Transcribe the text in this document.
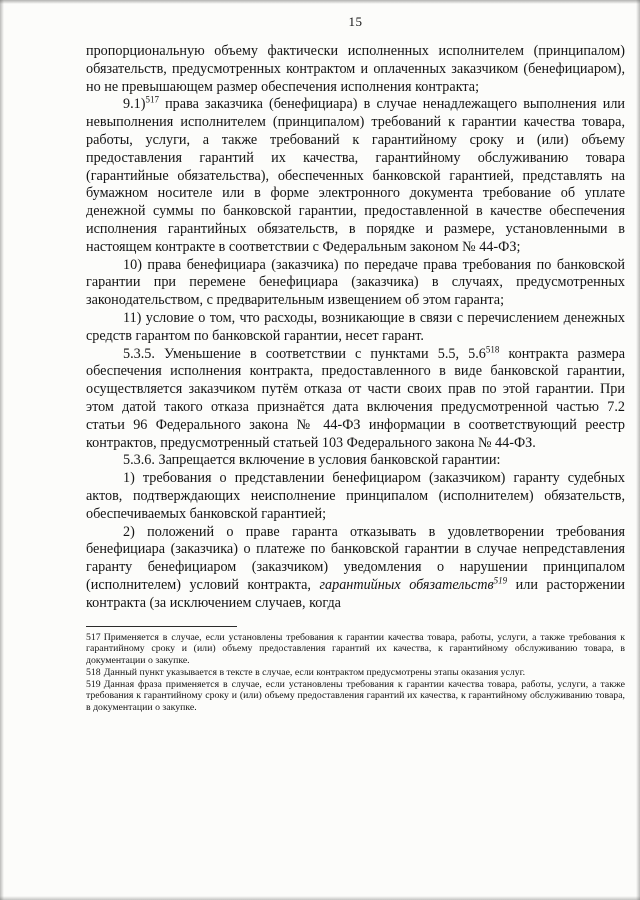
15

пропорциональную объему фактически исполненных исполнителем (принципалом) обязательств, предусмотренных контрактом и оплаченных заказчиком (бенефициаром), но не превышающем размер обеспечения исполнения контракта;

9.1)$^{517}$ права заказчика (бенефициара) в случае ненадлежащего выполнения или невыполнения исполнителем (принципалом) требований к гарантии качества товара, работы, услуги, а также требований к гарантийному сроку и (или) объему предоставления гарантий их качества, гарантийному обслуживанию товара (гарантийные обязательства), обеспеченных банковской гарантией, представлять на бумажном носителе или в форме электронного документа требование об уплате денежной суммы по банковской гарантии, предоставленной в качестве обеспечения исполнения гарантийных обязательств, в порядке и размере, установленными в настоящем контракте в соответствии с Федеральным законом № 44-ФЗ;

10) права бенефициара (заказчика) по передаче права требования по банковской гарантии при перемене бенефициара (заказчика) в случаях, предусмотренных законодательством, с предварительным извещением об этом гаранта;

11) условие о том, что расходы, возникающие в связи с перечислением денежных средств гарантом по банковской гарантии, несет гарант.

5.3.5. Уменьшение в соответствии с пунктами 5.5, 5.6$^{518}$ контракта размера обеспечения исполнения контракта, предоставленного в виде банковской гарантии, осуществляется заказчиком путём отказа от части своих прав по этой гарантии. При этом датой такого отказа признаётся дата включения предусмотренной частью 7.2 статьи 96 Федерального закона № 44-ФЗ информации в соответствующий реестр контрактов, предусмотренный статьей 103 Федерального закона № 44-ФЗ.

5.3.6. Запрещается включение в условия банковской гарантии:

1) требования о представлении бенефициаром (заказчиком) гаранту судебных актов, подтверждающих неисполнение принципалом (исполнителем) обязательств, обеспечиваемых банковской гарантией;

2) положений о праве гаранта отказывать в удовлетворении требования бенефициара (заказчика) о платеже по банковской гарантии в случае непредставления гаранту бенефициаром (заказчиком) уведомления о нарушении принципалом (исполнителем) условий контракта, гарантийных обязательств$^{519}$ или расторжении контракта (за исключением случаев, когда

517 Применяется в случае, если установлены требования к гарантии качества товара, работы, услуги, а также требования к гарантийному сроку и (или) объему предоставления гарантий их качества, к гарантийному обслуживанию товара, в документации о закупке.

518 Данный пункт указывается в тексте в случае, если контрактом предусмотрены этапы оказания услуг.

519 Данная фраза применяется в случае, если установлены требования к гарантии качества товара, работы, услуги, а также требования к гарантийному сроку и (или) объему предоставления гарантий их качества, к гарантийному обслуживанию товара, в документации о закупке.
